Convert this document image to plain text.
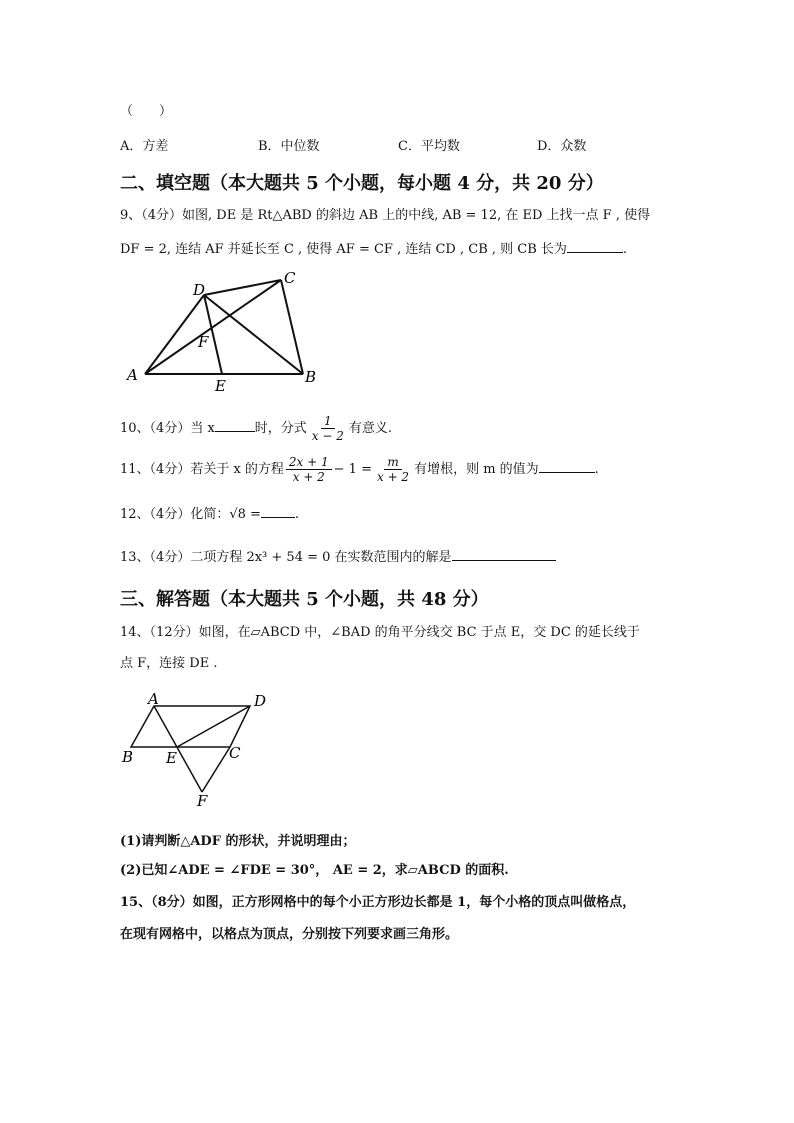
（　　）
A．方差	B．中位数	C．平均数	D．众数
二、填空题（本大题共 5 个小题，每小题 4 分，共 20 分）
9、（4分）如图, DE 是 Rt△ABD 的斜边 AB 上的中线, AB = 12, 在 ED 上找一点 F , 使得
DF = 2, 连结 AF 并延长至 C , 使得 AF = CF , 连结 CD , CB , 则 CB 长为	.
D
C
F
A
E	B
10、（4分）当 x	时，分式 $\frac{1}{x - 2}$ 有意义.
11、（4分）若关于 x 的方程 $\frac{2x + 1}{x + 2} - 1 = \frac{m}{x + 2}$ 有增根，则 m 的值为	.
12、（4分）化简：√8 =	.
13、（4分）二项方程 2x³ + 54 = 0 在实数范围内的解是
三、解答题（本大题共 5 个小题，共 48 分）
14、（12分）如图，在▱ABCD 中，∠BAD 的角平分线交 BC 于点 E，交 DC 的延长线于
点 F，连接 DE .
A	D
B E	C
F
(1)请判断△ADF 的形状，并说明理由；
(2)已知∠ADE = ∠FDE = 30°， AE = 2，求▱ABCD 的面积.
15、（8分）如图，正方形网格中的每个小正方形边长都是 1，每个小格的顶点叫做格点，
在现有网格中，以格点为顶点，分别按下列要求画三角形。
